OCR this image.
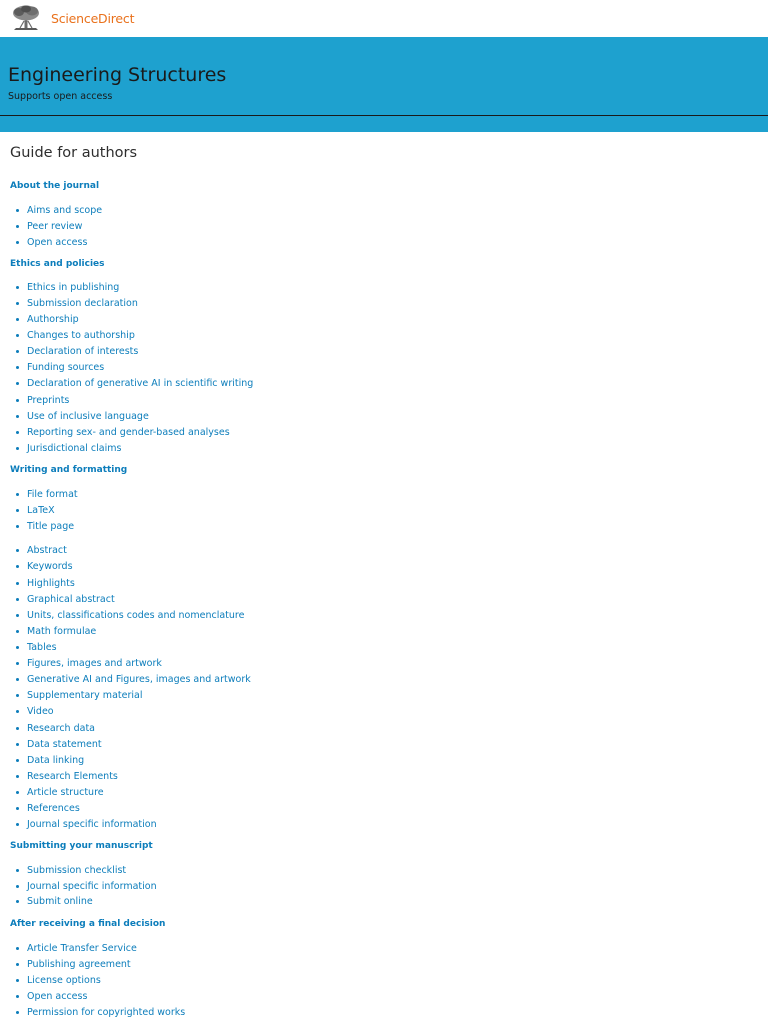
ScienceDirect
Engineering Structures
Supports open access
Guide for authors
About the journal
Aims and scope
Peer review
Open access
Ethics and policies
Ethics in publishing
Submission declaration
Authorship
Changes to authorship
Declaration of interests
Funding sources
Declaration of generative AI in scientific writing
Preprints
Use of inclusive language
Reporting sex- and gender-based analyses
Jurisdictional claims
Writing and formatting
File format
LaTeX
Title page
Abstract
Keywords
Highlights
Graphical abstract
Units, classifications codes and nomenclature
Math formulae
Tables
Figures, images and artwork
Generative AI and Figures, images and artwork
Supplementary material
Video
Research data
Data statement
Data linking
Research Elements
Article structure
References
Journal specific information
Submitting your manuscript
Submission checklist
Journal specific information
Submit online
After receiving a final decision
Article Transfer Service
Publishing agreement
License options
Open access
Permission for copyrighted works
